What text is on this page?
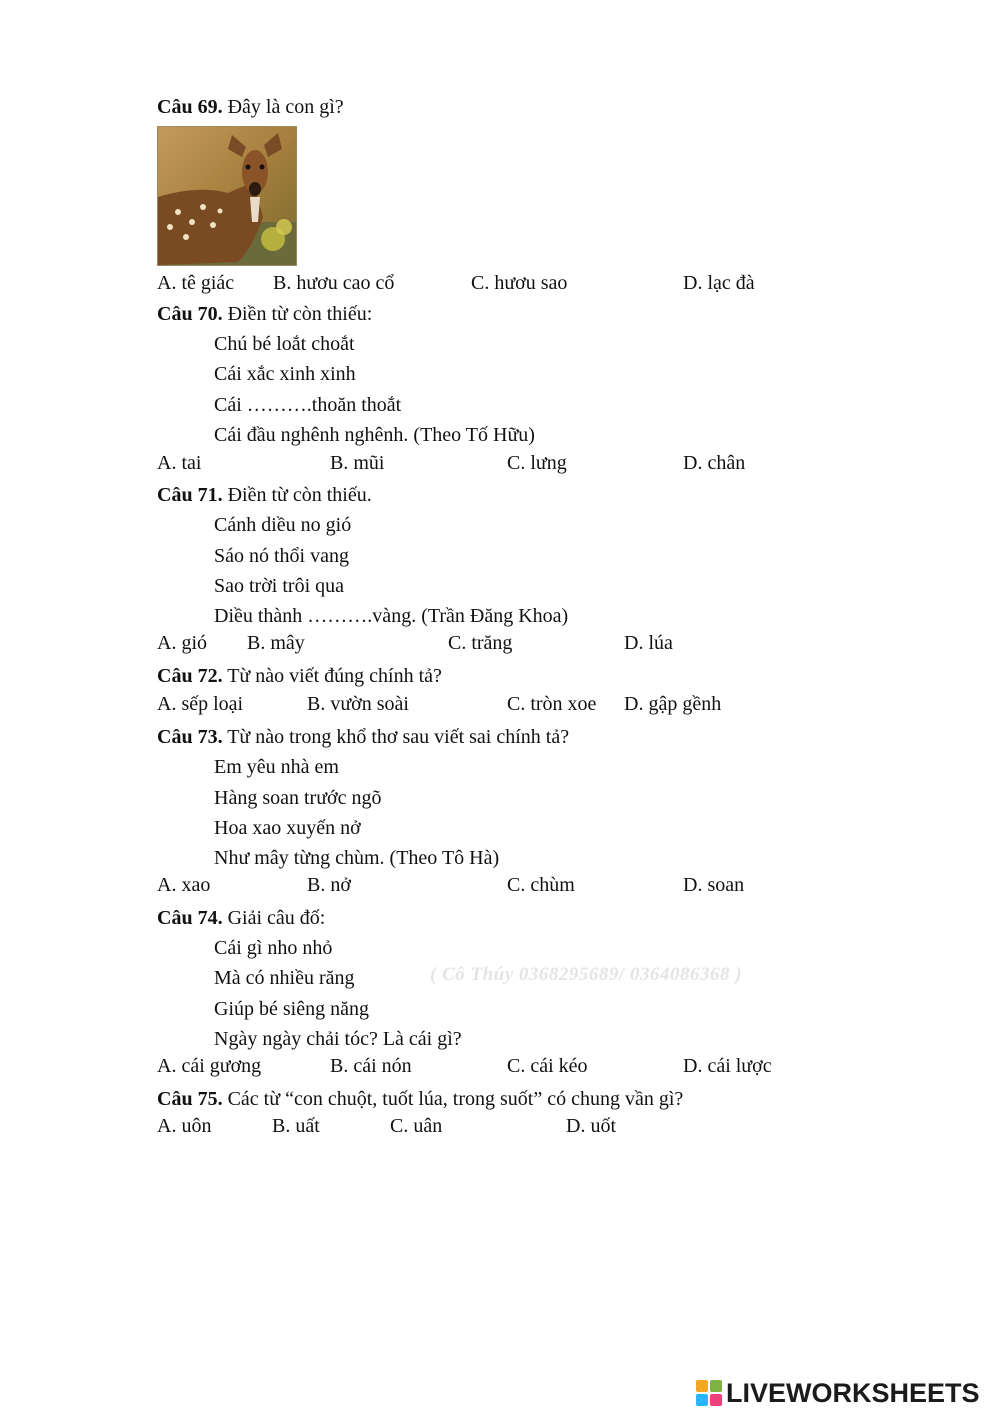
Câu 69. Đây là con gì?
A. tê giác B. hươu cao cổ	C. hươu sao	D. lạc đà
Câu 70. Điền từ còn thiếu:
Chú bé loắt choắt
Cái xắc xinh xinh
Cái ……….thoăn thoắt
Cái đầu nghênh nghênh. (Theo Tố Hữu)
A. tai	B. mũi	C. lưng	D. chân
Câu 71. Điền từ còn thiếu.
Cánh diều no gió
Sáo nó thổi vang
Sao trời trôi qua
Diều thành ……….vàng. (Trần Đăng Khoa)
A. gió B. mây	C. trăng	D. lúa
Câu 72. Từ nào viết đúng chính tả?
A. sếp loại	B. vườn soài	C. tròn xoe D. gập gềnh
Câu 73. Từ nào trong khổ thơ sau viết sai chính tả?
Em yêu nhà em
Hàng soan trước ngõ
Hoa xao xuyến nở
Như mây từng chùm. (Theo Tô Hà)
A. xao	B. nở	C. chùm	D. soan
Câu 74. Giải câu đố:
Cái gì nho nhỏ
Mà có nhiều răng	( Cô Thúy 0368295689/ 0364086368 )
Giúp bé siêng năng
Ngày ngày chải tóc? Là cái gì?
A. cái gương	B. cái nón	C. cái kéo	D. cái lược
Câu 75. Các từ “con chuột, tuốt lúa, trong suốt” có chung vần gì?
A. uôn	B. uất	C. uân	D. uốt
LIVEWORKSHEETS
